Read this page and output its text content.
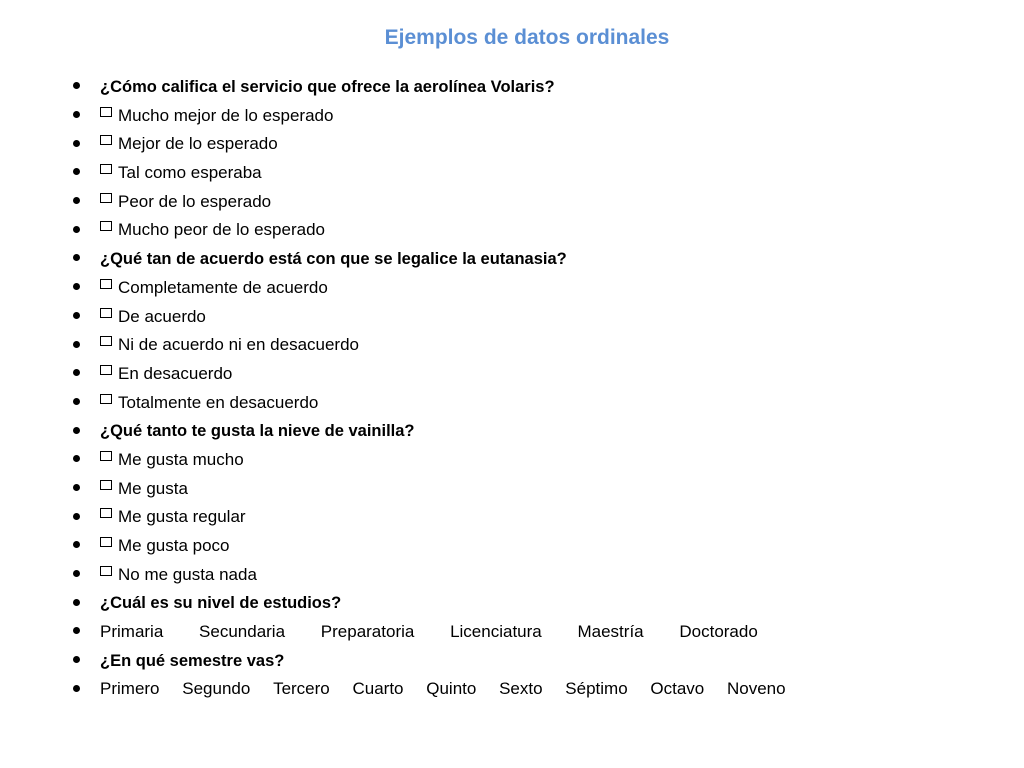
Ejemplos de datos ordinales
¿Cómo califica el servicio que ofrece la aerolínea Volaris?
Mucho mejor de lo esperado
Mejor de lo esperado
Tal como esperaba
Peor de lo esperado
Mucho peor de lo esperado
¿Qué tan de acuerdo está con que se legalice la eutanasia?
Completamente de acuerdo
De acuerdo
Ni de acuerdo ni en desacuerdo
En desacuerdo
Totalmente en desacuerdo
¿Qué tanto te gusta la nieve de vainilla?
Me gusta mucho
Me gusta
Me gusta regular
Me gusta poco
No me gusta nada
¿Cuál es su nivel de estudios?
Primaria Secundaria Preparatoria Licenciatura Maestría Doctorado
¿En qué semestre vas?
Primero Segundo Tercero Cuarto Quinto Sexto Séptimo Octavo Noveno
